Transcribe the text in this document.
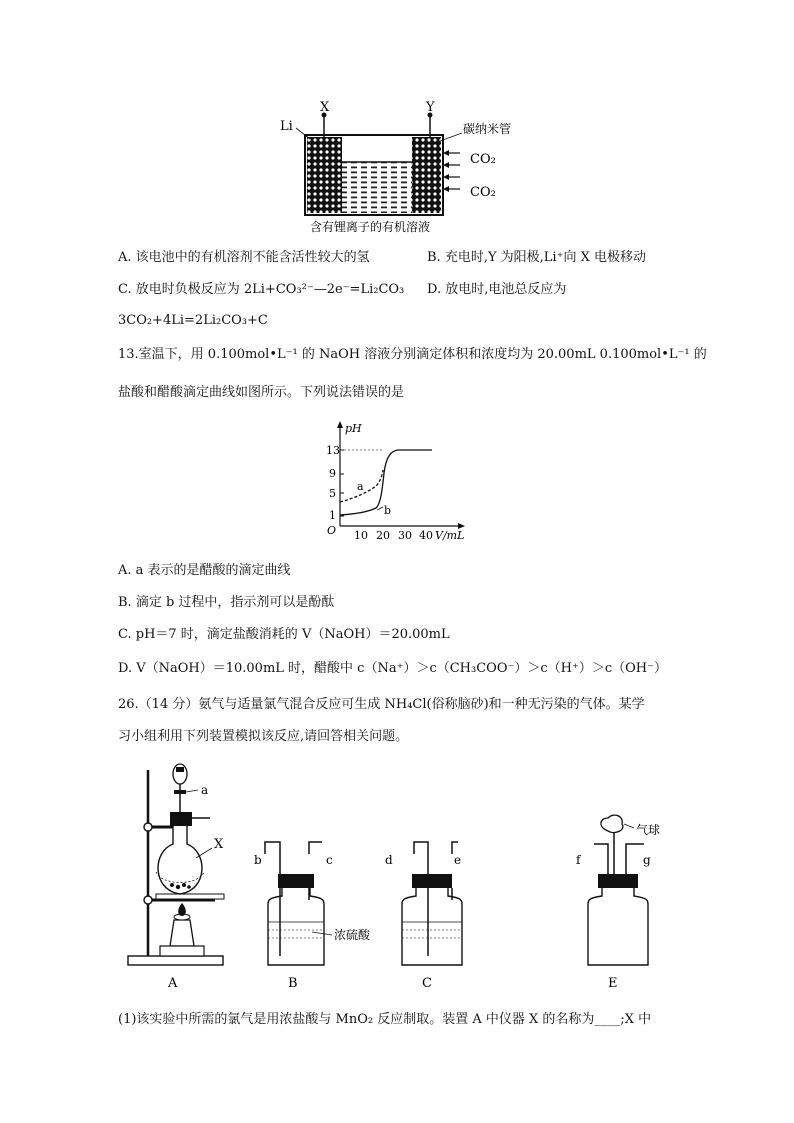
Li
X	Y
碳纳米管
CO₂
CO₂
含有锂离子的有机溶液
A. 该电池中的有机溶剂不能含活性较大的氢	B. 充电时,Y 为阳极,Li⁺向 X 电极移动
C. 放电时负极反应为 2Li+CO₃²⁻—2e⁻=Li₂CO₃ D. 放电时,电池总反应为
3CO₂+4Li=2Li₂CO₃+C
13.室温下，用 0.100mol•L⁻¹ 的 NaOH 溶液分别滴定体积和浓度均为 20.00mL 0.100mol•L⁻¹ 的
盐酸和醋酸滴定曲线如图所示。下列说法错误的是
pH
13
9
5
1
O 10 20 30 40 V/mL
a
b
A. a 表示的是醋酸的滴定曲线
B. 滴定 b 过程中，指示剂可以是酚酞
C. pH＝7 时，滴定盐酸消耗的 V（NaOH）＝20.00mL
D. V（NaOH）＝10.00mL 时，醋酸中 c（Na⁺）＞c（CH₃COO⁻）＞c（H⁺）＞c（OH⁻）
26.（14 分）氨气与适量氯气混合反应可生成 NH₄Cl(俗称脑砂)和一种无污染的气体。某学
习小组利用下列装置模拟该反应,请回答相关问题。
a
X
A
b	c
浓硫酸
B
d	e
C
气球
f	g
E
(1)该实验中所需的氯气是用浓盐酸与 MnO₂ 反应制取。装置 A 中仪器 X 的名称为____;X 中
